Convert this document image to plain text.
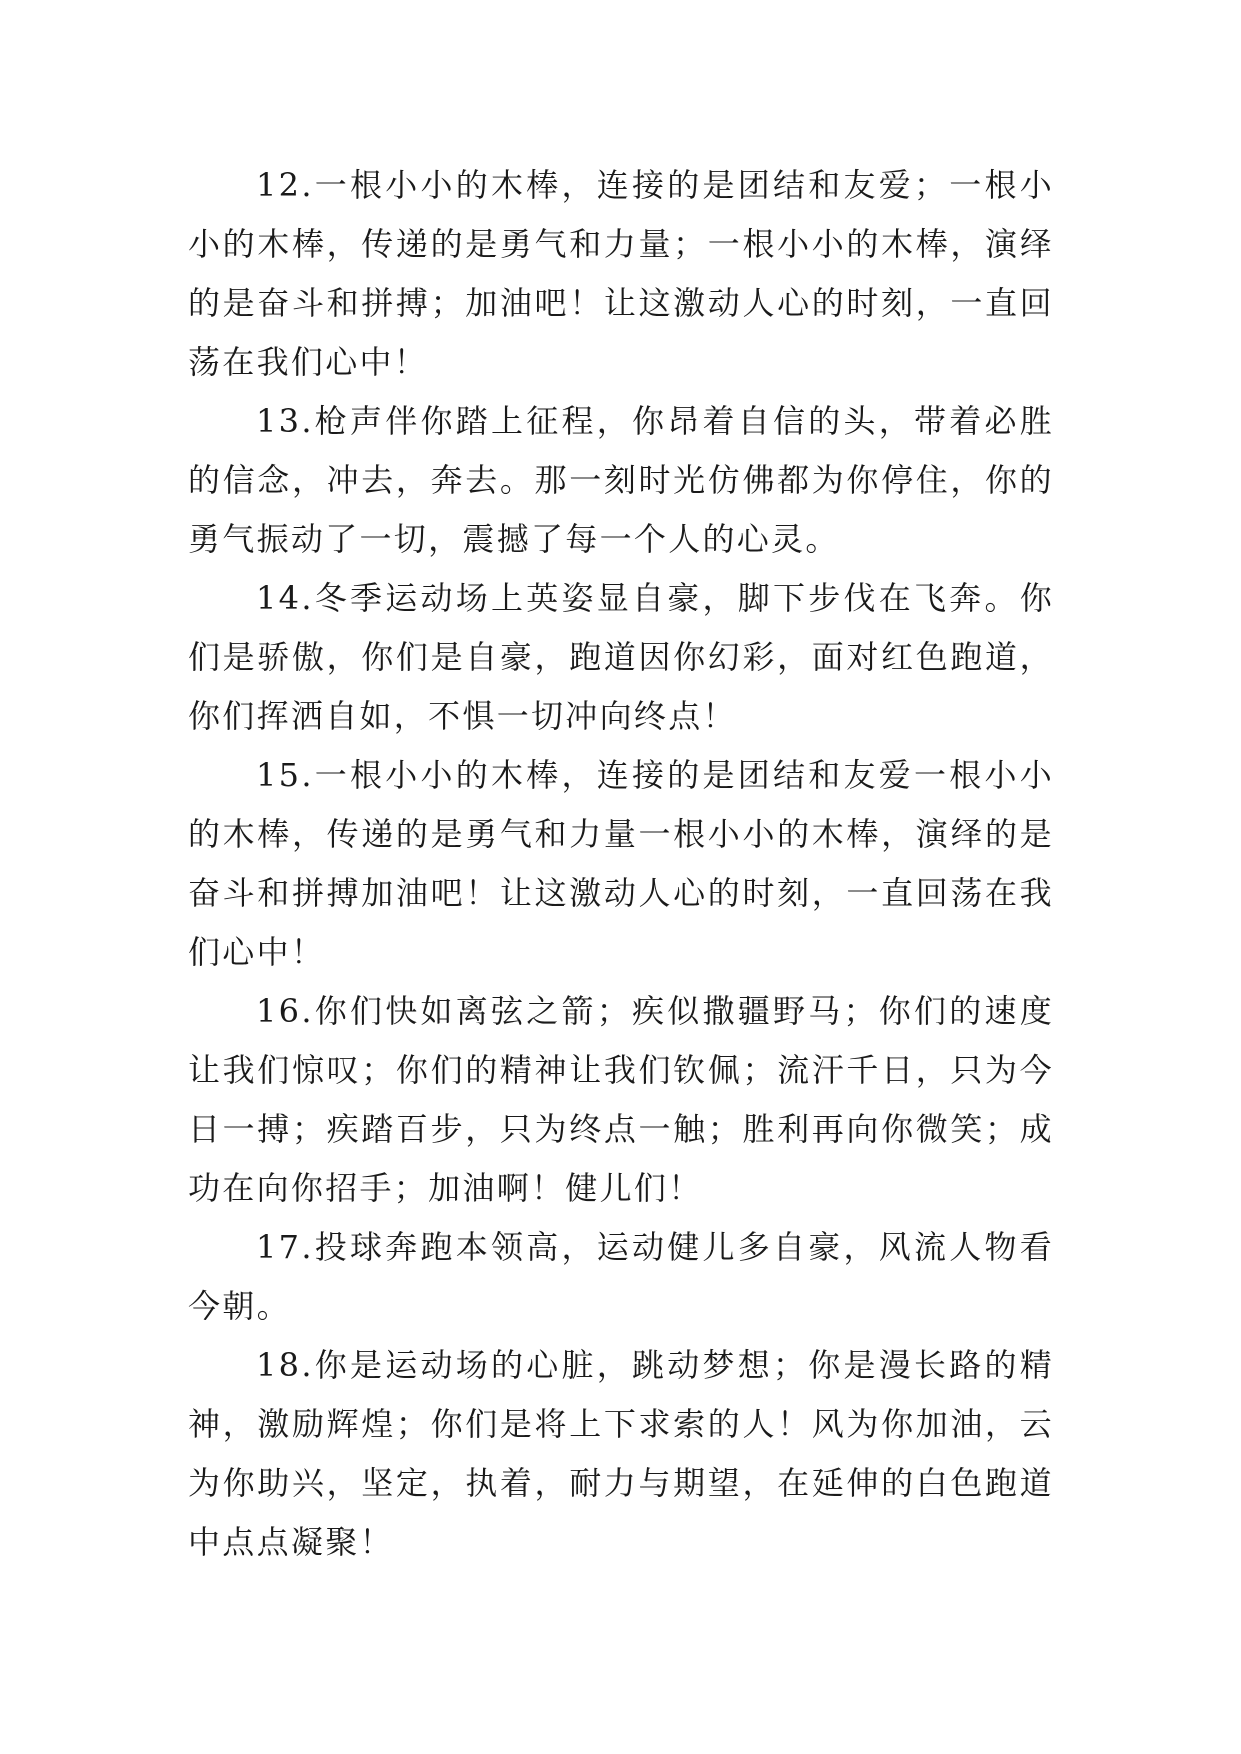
12.一根小小的木棒，连接的是团结和友爱；一根小小的木棒，传递的是勇气和力量；一根小小的木棒，演绎的是奋斗和拼搏；加油吧！让这激动人心的时刻，一直回荡在我们心中！

13.枪声伴你踏上征程，你昂着自信的头，带着必胜的信念，冲去，奔去。那一刻时光仿佛都为你停住，你的勇气振动了一切，震撼了每一个人的心灵。

14.冬季运动场上英姿显自豪，脚下步伐在飞奔。你们是骄傲，你们是自豪，跑道因你幻彩，面对红色跑道，你们挥洒自如，不惧一切冲向终点！

15.一根小小的木棒，连接的是团结和友爱一根小小的木棒，传递的是勇气和力量一根小小的木棒，演绎的是奋斗和拼搏加油吧！让这激动人心的时刻，一直回荡在我们心中！

16.你们快如离弦之箭；疾似撒疆野马；你们的速度让我们惊叹；你们的精神让我们钦佩；流汗千日，只为今日一搏；疾踏百步，只为终点一触；胜利再向你微笑；成功在向你招手；加油啊！健儿们！

17.投球奔跑本领高，运动健儿多自豪，风流人物看今朝。

18.你是运动场的心脏，跳动梦想；你是漫长路的精神，激励辉煌；你们是将上下求索的人！风为你加油，云为你助兴，坚定，执着，耐力与期望，在延伸的白色跑道中点点凝聚！
